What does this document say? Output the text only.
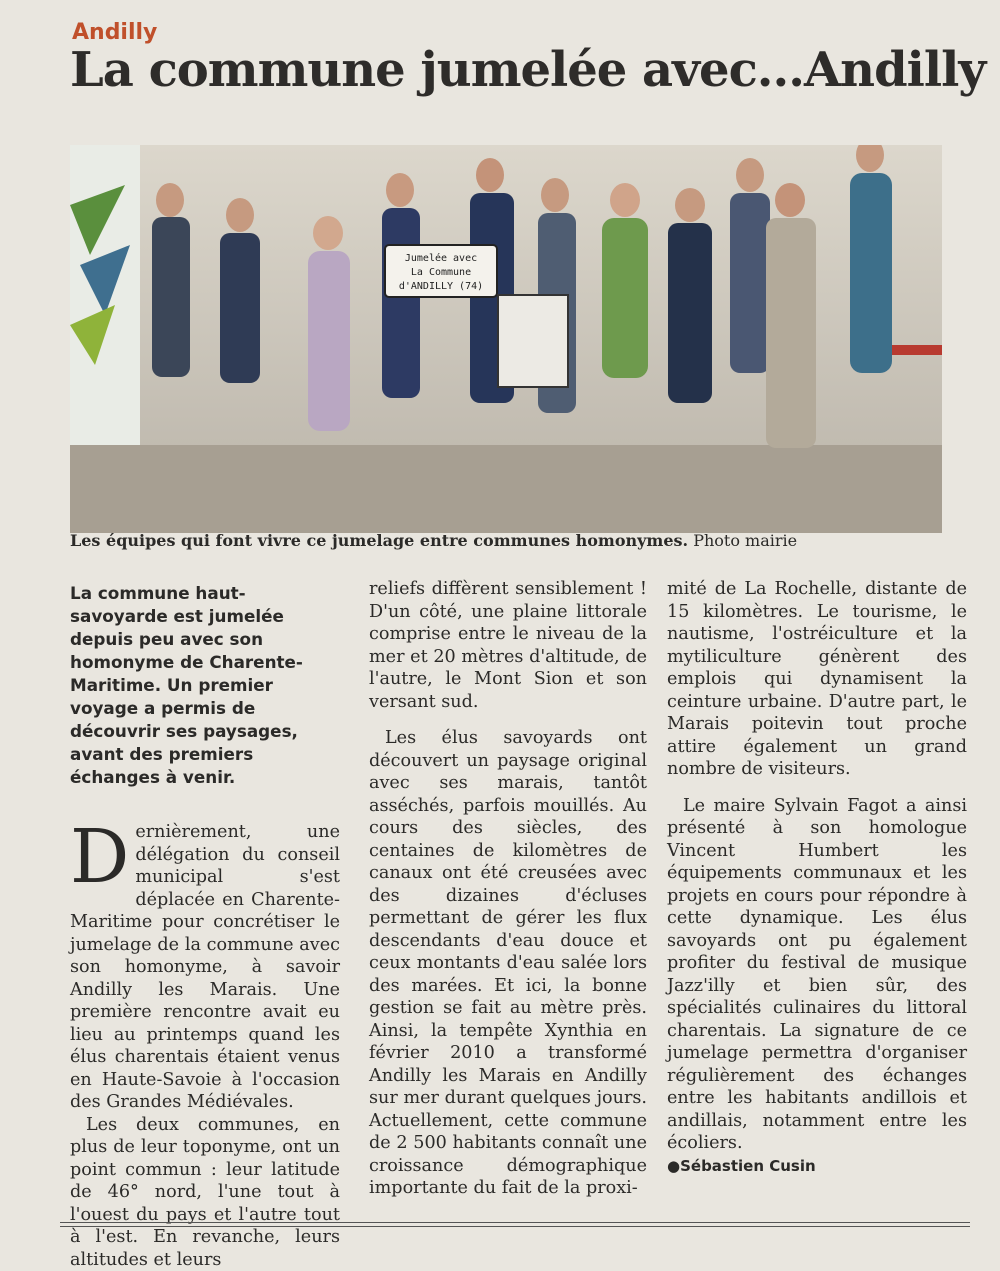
Andilly
La commune jumelée avec...Andilly
Jumelée avec
La Commune
d'ANDILLY (74)
Les équipes qui font vivre ce jumelage entre communes homonymes. Photo mairie

La commune haut-savoyarde est jumelée depuis peu avec son homonyme de Charente-Maritime. Un premier voyage a permis de découvrir ses paysages, avant des premiers échanges à venir.

Dernièrement, une délégation du conseil municipal s'est déplacée en Charente-Maritime pour concrétiser le jumelage de la commune avec son homonyme, à savoir Andilly les Marais. Une première rencontre avait eu lieu au printemps quand les élus charentais étaient venus en Haute-Savoie à l'occasion des Grandes Médiévales.

Les deux communes, en plus de leur toponyme, ont un point commun : leur latitude de 46° nord, l'une tout à l'ouest du pays et l'autre tout à l'est. En revanche, leurs altitudes et leurs

reliefs diffèrent sensiblement ! D'un côté, une plaine littorale comprise entre le niveau de la mer et 20 mètres d'altitude, de l'autre, le Mont Sion et son versant sud.

Les élus savoyards ont découvert un paysage original avec ses marais, tantôt asséchés, parfois mouillés. Au cours des siècles, des centaines de kilomètres de canaux ont été creusées avec des dizaines d'écluses permettant de gérer les flux descendants d'eau douce et ceux montants d'eau salée lors des marées. Et ici, la bonne gestion se fait au mètre près. Ainsi, la tempête Xynthia en février 2010 a transformé Andilly les Marais en Andilly sur mer durant quelques jours. Actuellement, cette commune de 2 500 habitants connaît une croissance démographique importante du fait de la proxi-

mité de La Rochelle, distante de 15 kilomètres. Le tourisme, le nautisme, l'ostréiculture et la mytiliculture génèrent des emplois qui dynamisent la ceinture urbaine. D'autre part, le Marais poitevin tout proche attire également un grand nombre de visiteurs.

Le maire Sylvain Fagot a ainsi présenté à son homologue Vincent Humbert les équipements communaux et les projets en cours pour répondre à cette dynamique. Les élus savoyards ont pu également profiter du festival de musique Jazz'illy et bien sûr, des spécialités culinaires du littoral charentais. La signature de ce jumelage permettra d'organiser régulièrement des échanges entre les habitants andillois et andillais, notamment entre les écoliers.

●Sébastien Cusin
